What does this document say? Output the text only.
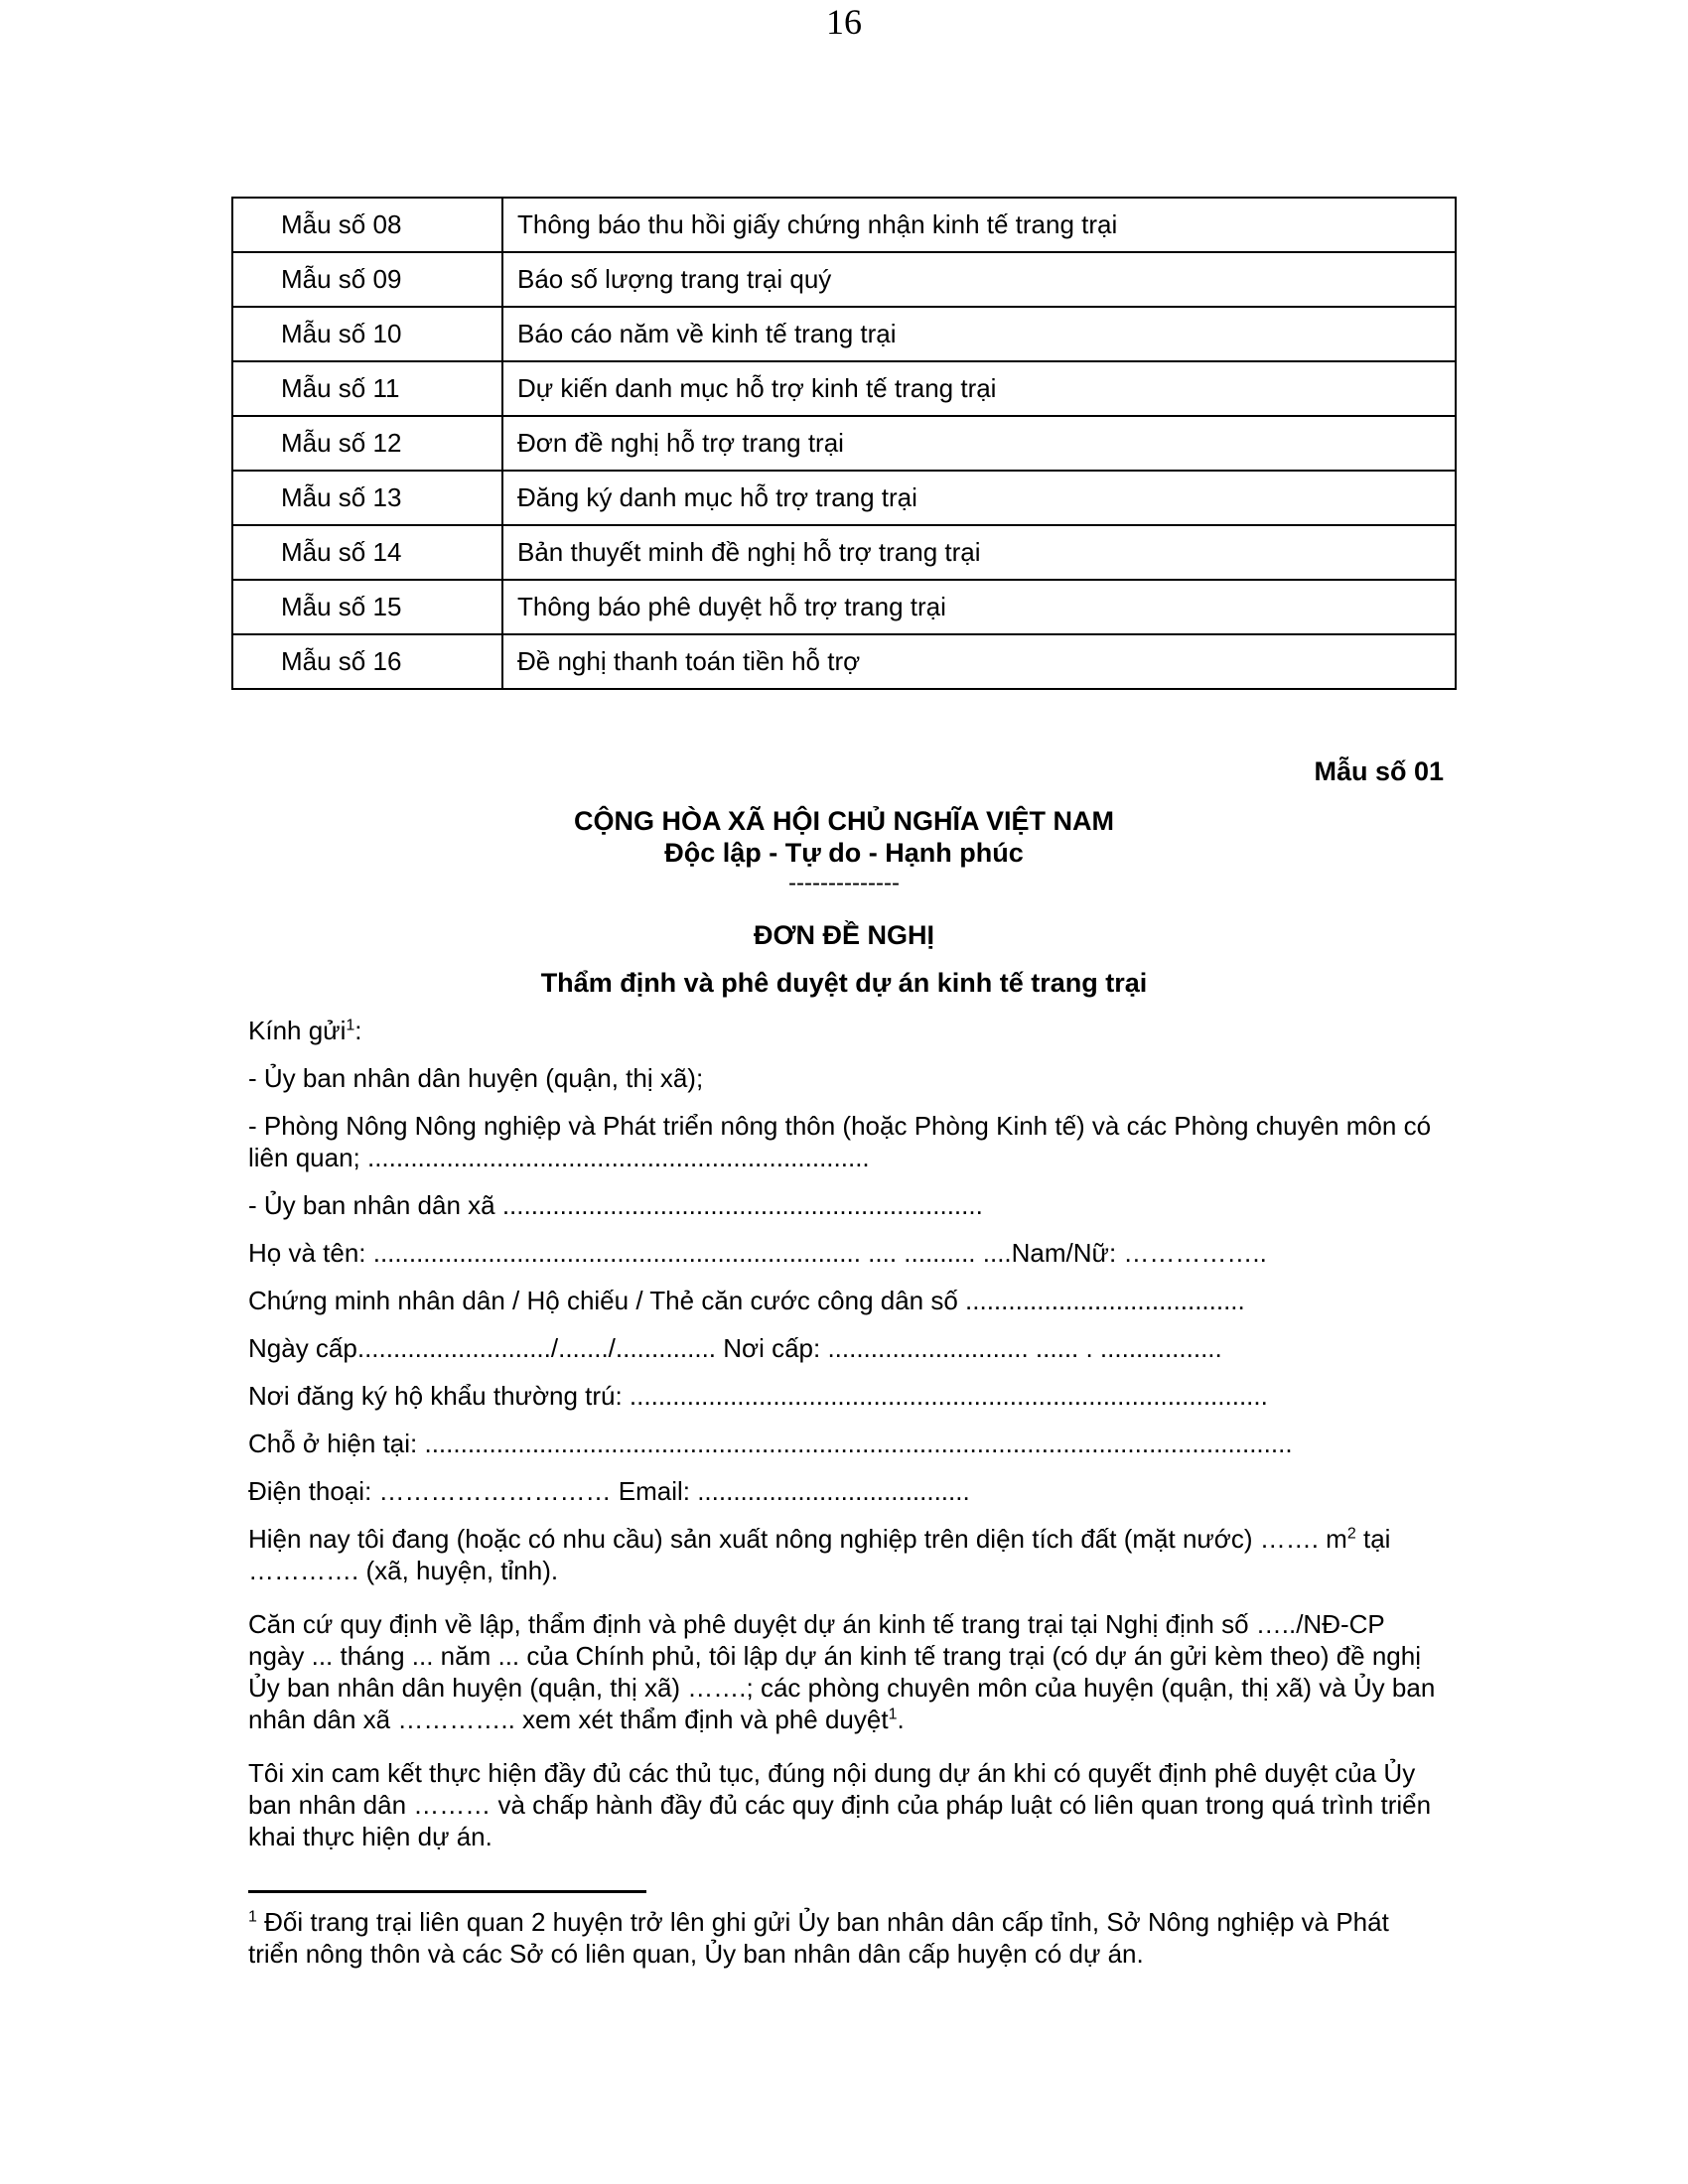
16
Mẫu số 08	Thông báo thu hồi giấy chứng nhận kinh tế trang trại
Mẫu số 09	Báo số lượng trang trại quý
Mẫu số 10	Báo cáo năm về kinh tế trang trại
Mẫu số 11	Dự kiến danh mục hỗ trợ kinh tế trang trại
Mẫu số 12	Đơn đề nghị hỗ trợ trang trại
Mẫu số 13	Đăng ký danh mục hỗ trợ trang trại
Mẫu số 14	Bản thuyết minh đề nghị hỗ trợ trang trại
Mẫu số 15	Thông báo phê duyệt hỗ trợ trang trại
Mẫu số 16	Đề nghị thanh toán tiền hỗ trợ
Mẫu số 01
CỘNG HÒA XÃ HỘI CHỦ NGHĨA VIỆT NAM
Độc lập - Tự do - Hạnh phúc
--------------
ĐƠN ĐỀ NGHỊ
Thẩm định và phê duyệt dự án kinh tế trang trại

Kính gửi$^1$:

- Ủy ban nhân dân huyện (quận, thị xã);

- Phòng Nông Nông nghiệp và Phát triển nông thôn (hoặc Phòng Kinh tế) và các Phòng chuyên môn có liên quan; ......................................................................

- Ủy ban nhân dân xã ...................................................................

Họ và tên: .................................................................... .... .......... ....Nam/Nữ: ……………..

Chứng minh nhân dân / Hộ chiếu / Thẻ căn cước công dân số .......................................

Ngày cấp.........................../......./.............. Nơi cấp: ............................ ...... . .................

Nơi đăng ký hộ khẩu thường trú: .........................................................................................

Chỗ ở hiện tại: .........................................................................................................................

Điện thoại: ……………………… Email: ......................................

Hiện nay tôi đang (hoặc có nhu cầu) sản xuất nông nghiệp trên diện tích đất (mặt nước) ……. $m^2$ tại …………. (xã, huyện, tỉnh).

Căn cứ quy định về lập, thẩm định và phê duyệt dự án kinh tế trang trại tại Nghị định số …../NĐ-CP ngày ... tháng ... năm ... của Chính phủ, tôi lập dự án kinh tế trang trại (có dự án gửi kèm theo) đề nghị Ủy ban nhân dân huyện (quận, thị xã) …….; các phòng chuyên môn của huyện (quận, thị xã) và Ủy ban nhân dân xã ………….. xem xét thẩm định và phê duyệt$^1$.

Tôi xin cam kết thực hiện đầy đủ các thủ tục, đúng nội dung dự án khi có quyết định phê duyệt của Ủy ban nhân dân ……… và chấp hành đầy đủ các quy định của pháp luật có liên quan trong quá trình triển khai thực hiện dự án.

$^1$ Đối trang trại liên quan 2 huyện trở lên ghi gửi Ủy ban nhân dân cấp tỉnh, Sở Nông nghiệp và Phát triển nông thôn và các Sở có liên quan, Ủy ban nhân dân cấp huyện có dự án.
